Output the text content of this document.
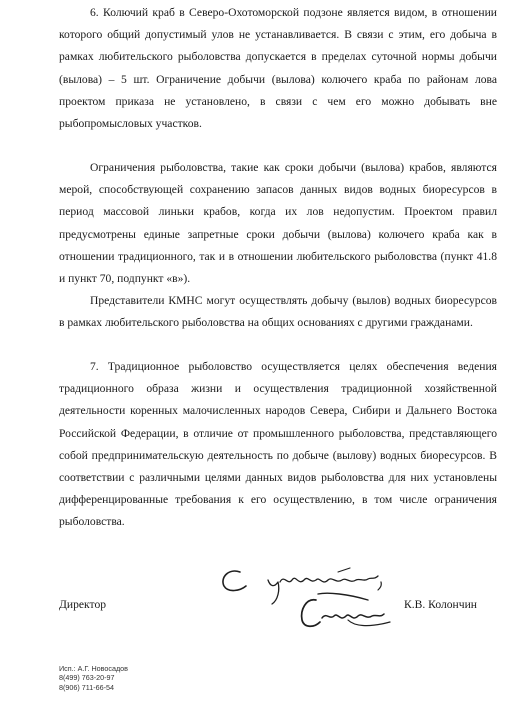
6. Колючий краб в Северо-Охотоморской подзоне является видом, в отношении которого общий допустимый улов не устанавливается. В связи с этим, его добыча в рамках любительского рыболовства допускается в пределах суточной нормы добычи (вылова) – 5 шт. Ограничение добычи (вылова) колючего краба по районам лова проектом приказа не установлено, в связи с чем его можно добывать вне рыбопромысловых участков.

Ограничения рыболовства, такие как сроки добычи (вылова) крабов, являются мерой, способствующей сохранению запасов данных видов водных биоресурсов в период массовой линьки крабов, когда их лов недопустим. Проектом правил предусмотрены единые запретные сроки добычи (вылова) колючего краба как в отношении традиционного, так и в отношении любительского рыболовства (пункт 41.8 и пункт 70, подпункт «в»).

Представители КМНС могут осуществлять добычу (вылов) водных биоресурсов в рамках любительского рыболовства на общих основаниях с другими гражданами.

7. Традиционное рыболовство осуществляется целях обеспечения ведения традиционного образа жизни и осуществления традиционной хозяйственной деятельности коренных малочисленных народов Севера, Сибири и Дальнего Востока Российской Федерации, в отличие от промышленного рыболовства, представляющего собой предпринимательскую деятельность по добыче (вылову) водных биоресурсов. В соответствии с различными целями данных видов рыболовства для них установлены дифференцированные требования к его осуществлению, в том числе ограничения рыболовства.

Директор	К.В. Колончин
Исп.: А.Г. Новосадов
8(499) 763-20-97
8(906) 711-66-54
